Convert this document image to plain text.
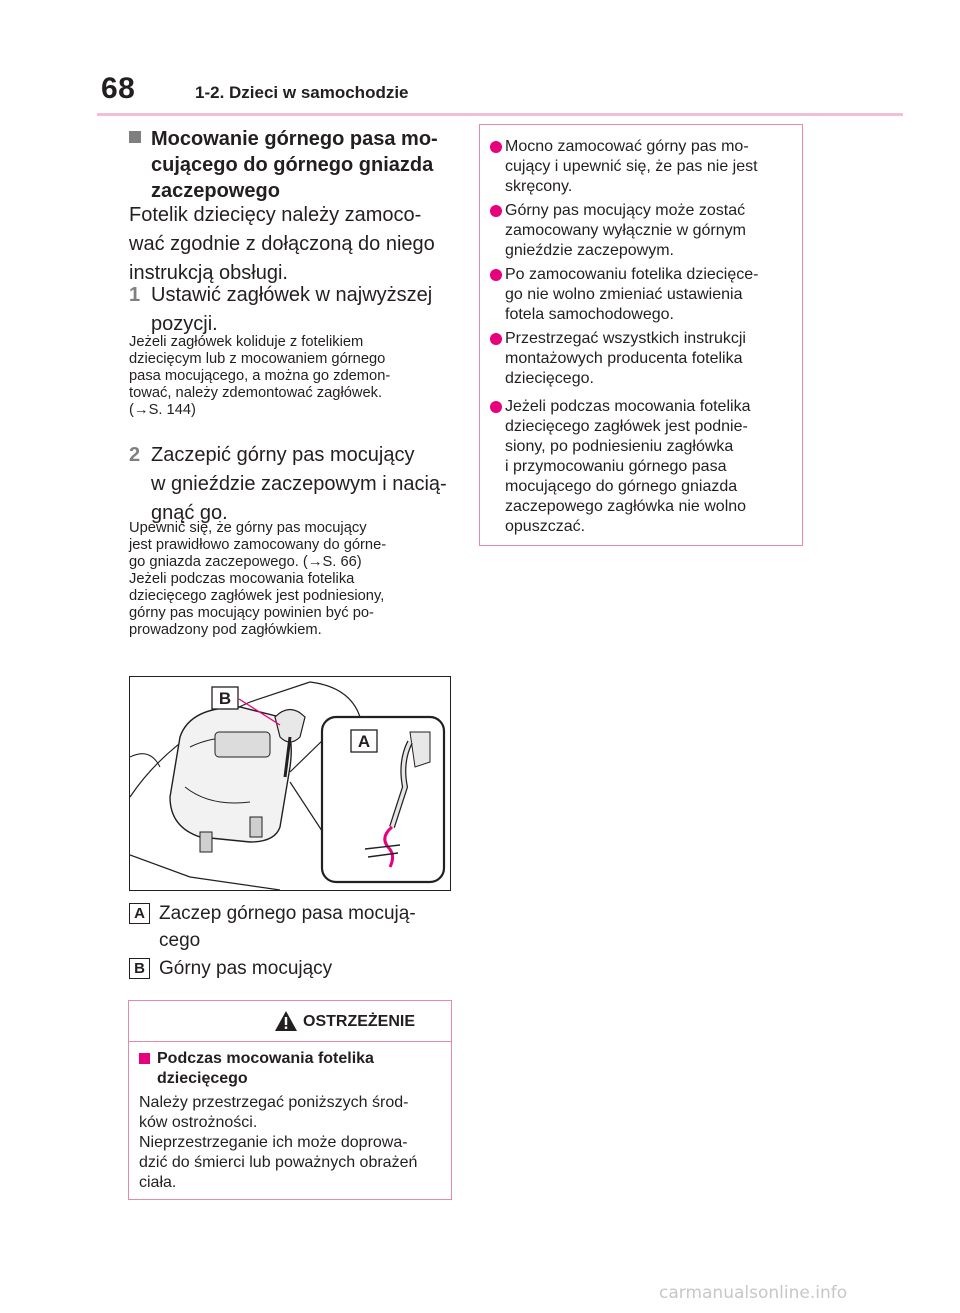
68	1-2. Dzieci w samochodzie
Mocowanie górnego pasa mo-
cującego do górnego gniazda
zaczepowego
Fotelik dziecięcy należy zamoco-
wać zgodnie z dołączoną do niego
instrukcją obsługi.
1 Ustawić zagłówek w najwyższej
pozycji.
Jeżeli zagłówek koliduje z fotelikiem
dziecięcym lub z mocowaniem górnego
pasa mocującego, a można go zdemon-
tować, należy zdemontować zagłówek.
(→S. 144)
2 Zaczepić górny pas mocujący
w gnieździe zaczepowym i nacią-
gnąć go.
Upewnić się, że górny pas mocujący
jest prawidłowo zamocowany do górne-
go gniazda zaczepowego. (→S. 66)
Jeżeli podczas mocowania fotelika
dziecięcego zagłówek jest podniesiony,
górny pas mocujący powinien być po-
prowadzony pod zagłówkiem.
B
A
A Zaczep górnego pasa mocują-
cego
B Górny pas mocujący
OSTRZEŻENIE
Podczas mocowania fotelika
dziecięcego
Należy przestrzegać poniższych środ-
ków ostrożności.
Nieprzestrzeganie ich może doprowa-
dzić do śmierci lub poważnych obrażeń
ciała.
Mocno zamocować górny pas mo-
cujący i upewnić się, że pas nie jest
skręcony.
Górny pas mocujący może zostać
zamocowany wyłącznie w górnym
gnieździe zaczepowym.
Po zamocowaniu fotelika dziecięce-
go nie wolno zmieniać ustawienia
fotela samochodowego.
Przestrzegać wszystkich instrukcji
montażowych producenta fotelika
dziecięcego.
Jeżeli podczas mocowania fotelika
dziecięcego zagłówek jest podnie-
siony, po podniesieniu zagłówka
i przymocowaniu górnego pasa
mocującego do górnego gniazda
zaczepowego zagłówka nie wolno
opuszczać.
carmanualsonline.info
